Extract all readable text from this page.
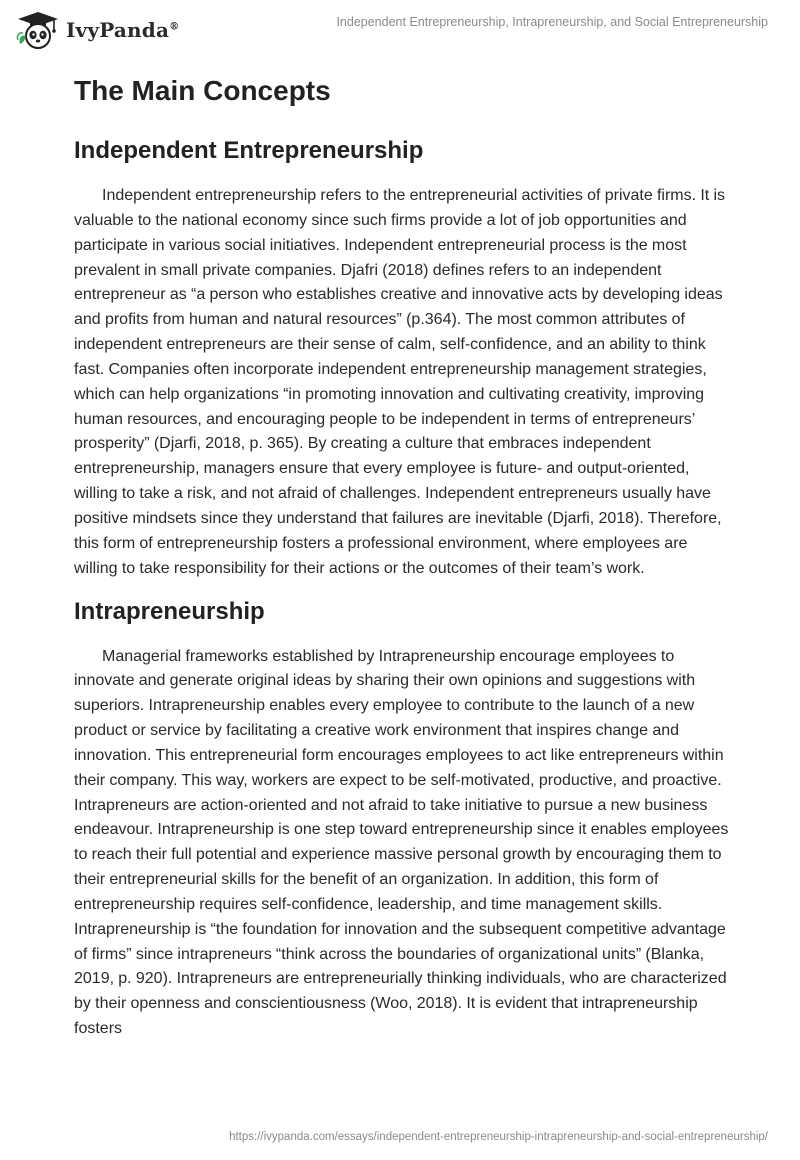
IvyPanda®	Independent Entrepreneurship, Intrapreneurship, and Social Entrepreneurship
The Main Concepts
Independent Entrepreneurship

Independent entrepreneurship refers to the entrepreneurial activities of private firms. It is valuable to the national economy since such firms provide a lot of job opportunities and participate in various social initiatives. Independent entrepreneurial process is the most prevalent in small private companies. Djafri (2018) defines refers to an independent entrepreneur as “a person who establishes creative and innovative acts by developing ideas and profits from human and natural resources” (p.364). The most common attributes of independent entrepreneurs are their sense of calm, self-confidence, and an ability to think fast. Companies often incorporate independent entrepreneurship management strategies, which can help organizations “in promoting innovation and cultivating creativity, improving human resources, and encouraging people to be independent in terms of entrepreneurs’ prosperity” (Djarfi, 2018, p. 365). By creating a culture that embraces independent entrepreneurship, managers ensure that every employee is future- and output-oriented, willing to take a risk, and not afraid of challenges. Independent entrepreneurs usually have positive mindsets since they understand that failures are inevitable (Djarfi, 2018). Therefore, this form of entrepreneurship fosters a professional environment, where employees are willing to take responsibility for their actions or the outcomes of their team’s work.

Intrapreneurship

Managerial frameworks established by Intrapreneurship encourage employees to innovate and generate original ideas by sharing their own opinions and suggestions with superiors. Intrapreneurship enables every employee to contribute to the launch of a new product or service by facilitating a creative work environment that inspires change and innovation. This entrepreneurial form encourages employees to act like entrepreneurs within their company. This way, workers are expect to be self-motivated, productive, and proactive. Intrapreneurs are action-oriented and not afraid to take initiative to pursue a new business endeavour. Intrapreneurship is one step toward entrepreneurship since it enables employees to reach their full potential and experience massive personal growth by encouraging them to their entrepreneurial skills for the benefit of an organization. In addition, this form of entrepreneurship requires self-confidence, leadership, and time management skills. Intrapreneurship is “the foundation for innovation and the subsequent competitive advantage of firms” since intrapreneurs “think across the boundaries of organizational units” (Blanka, 2019, p. 920). Intrapreneurs are entrepreneurially thinking individuals, who are characterized by their openness and conscientiousness (Woo, 2018). It is evident that intrapreneurship fosters

https://ivypanda.com/essays/independent-entrepreneurship-intrapreneurship-and-social-entrepreneurship/
